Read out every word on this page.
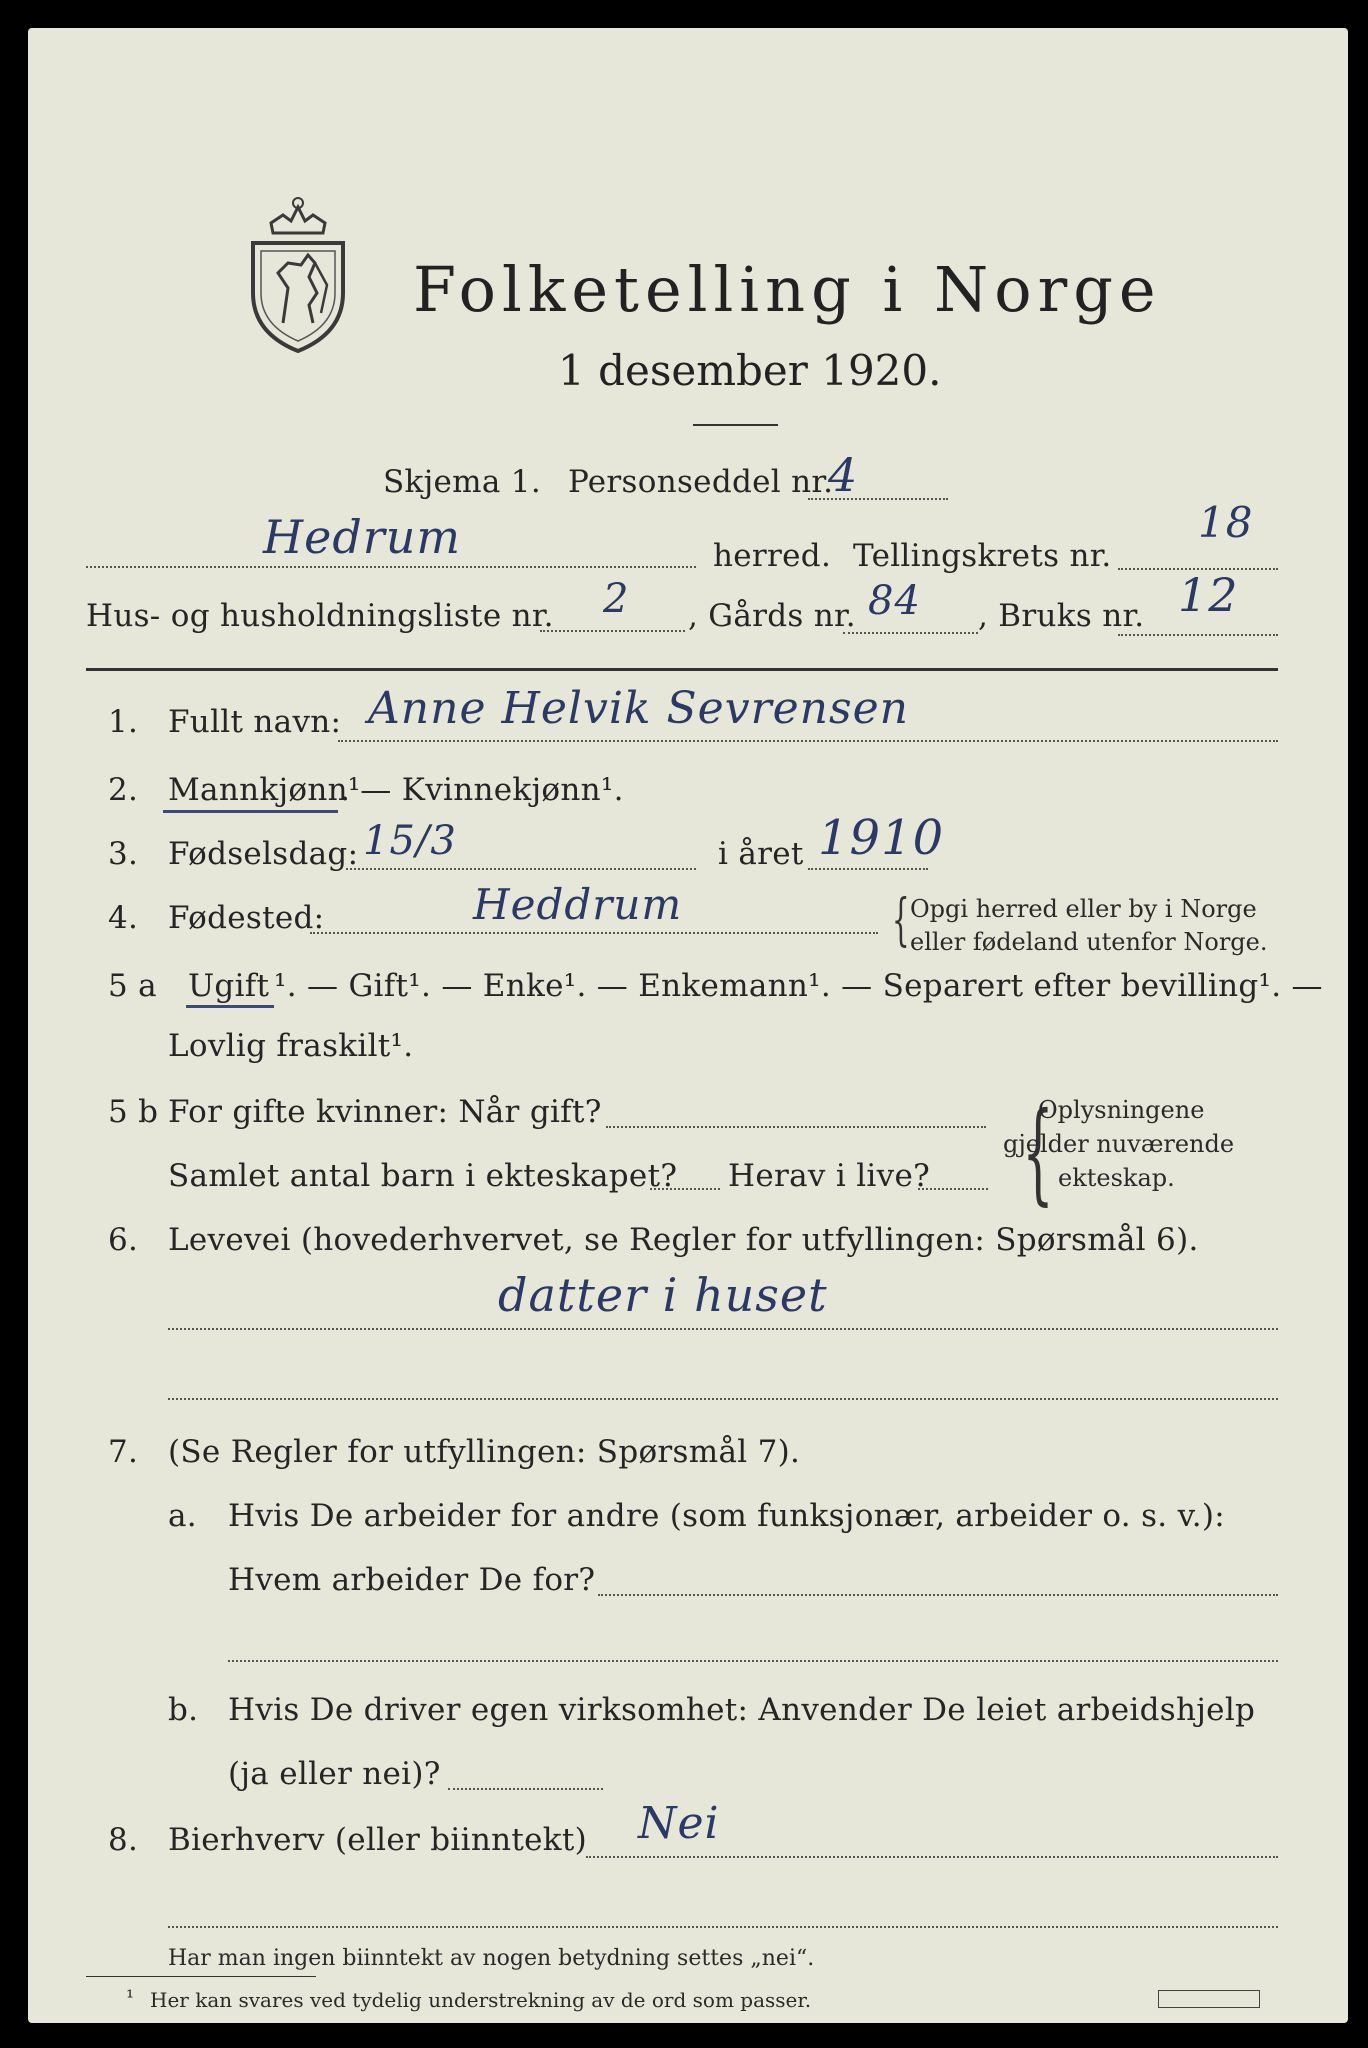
Folketelling i Norge
1 desember 1920.
Skjema 1. Personseddel nr.
4
Hedrum	herred. Tellingskrets nr.
18
Hus- og husholdningsliste nr. 2 , Gårds nr. 84 , Bruks nr. 12
1. Fullt navn: Anne Helvik Sevrensen
2. Mannkjønn¹
. — Kvinnekjønn¹.
3. Fødselsdag: 15/3	i året 1910
4. Fødested:	Heddrum	{ Opgi herred eller by i Norge
eller fødeland utenfor Norge.
5 a Ugift ¹. — Gift¹. — Enke¹. — Enkemann¹. — Separert efter bevilling¹. —
Lovlig fraskilt¹.
5 b For gifte kvinner: Når gift?
Samlet antal barn i ekteskapet? Herav i live? {
Oplysningene
gjelder nuværende
ekteskap.
6. Levevei (hovederhvervet, se Regler for utfyllingen: Spørsmål 6).
datter i huset
7. (Se Regler for utfyllingen: Spørsmål 7).
a. Hvis De arbeider for andre (som funksjonær, arbeider o. s. v.):
Hvem arbeider De for?
b. Hvis De driver egen virksomhet: Anvender De leiet arbeidshjelp
(ja eller nei)?
8. Bierhverv (eller biinntekt) Nei
Har man ingen biinntekt av nogen betydning settes „nei“.
¹ Her kan svares ved tydelig understrekning av de ord som passer.
